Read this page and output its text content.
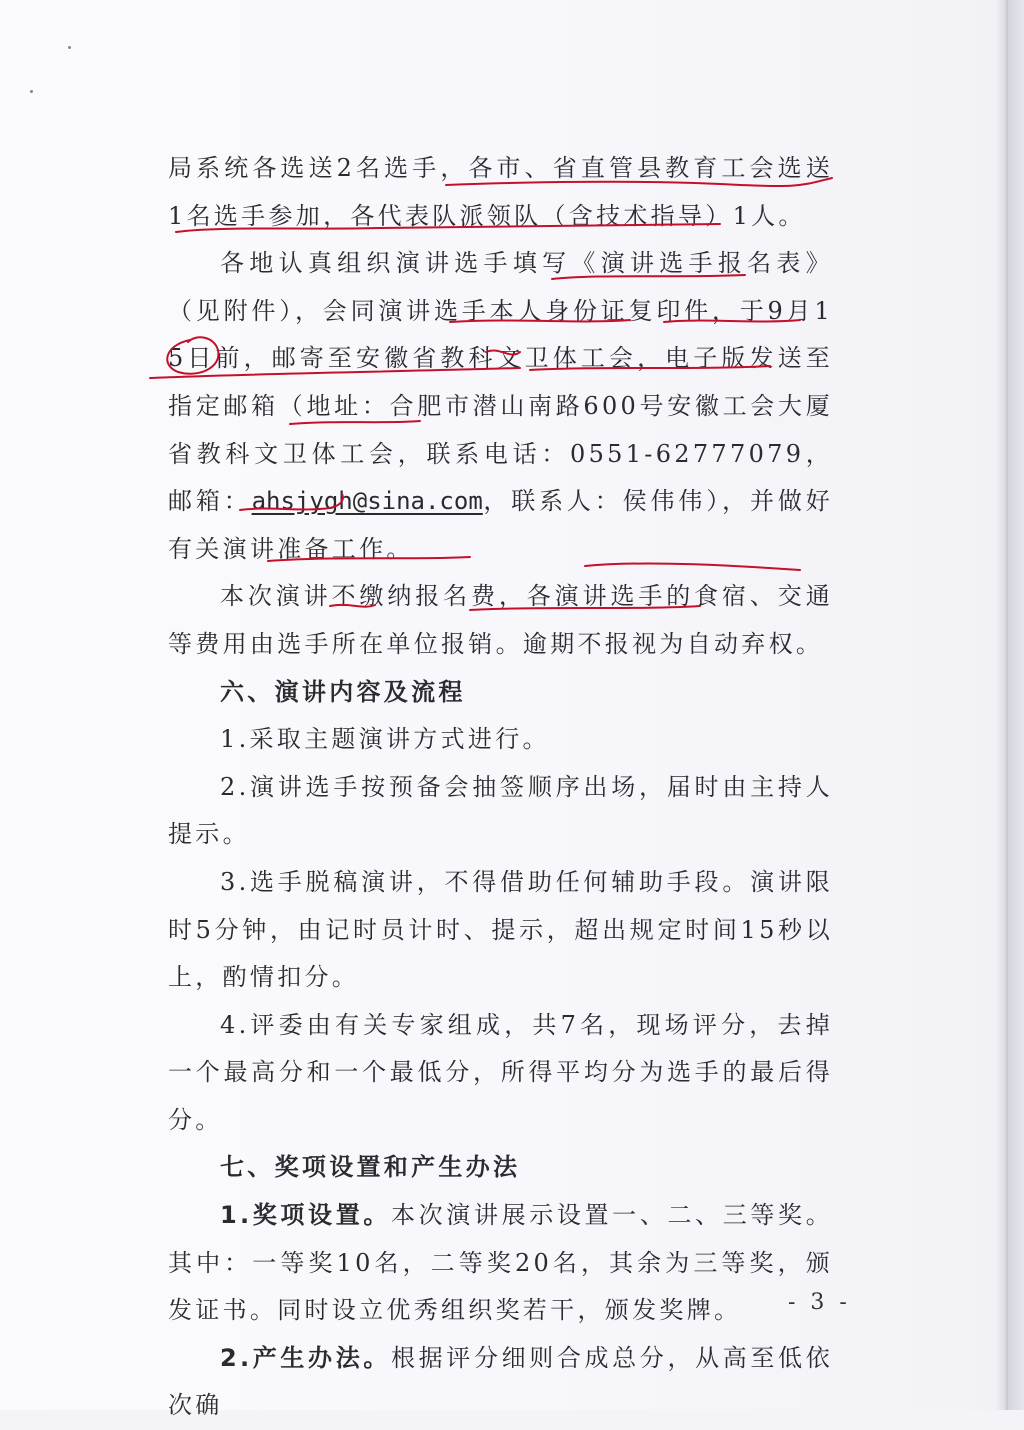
局系统各选送2名选手，各市、省直管县教育工会选送1名选手参加，各代表队派领队（含技术指导）1人。

各地认真组织演讲选手填写《演讲选手报名表》（见附件），会同演讲选手本人身份证复印件，于9月15日前，邮寄至安徽省教科文卫体工会，电子版发送至指定邮箱（地址：合肥市潜山南路600号安徽工会大厦省教科文卫体工会，联系电话：0551-62777079，邮箱：ahsjygh@sina.com，联系人：侯伟伟），并做好有关演讲准备工作。

本次演讲不缴纳报名费，各演讲选手的食宿、交通等费用由选手所在单位报销。逾期不报视为自动弃权。

六、演讲内容及流程

1.采取主题演讲方式进行。

2.演讲选手按预备会抽签顺序出场，届时由主持人提示。

3.选手脱稿演讲，不得借助任何辅助手段。演讲限时5分钟，由记时员计时、提示，超出规定时间15秒以上，酌情扣分。

4.评委由有关专家组成，共7名，现场评分，去掉一个最高分和一个最低分，所得平均分为选手的最后得分。

七、奖项设置和产生办法

1.奖项设置。本次演讲展示设置一、二、三等奖。其中：一等奖10名，二等奖20名，其余为三等奖，颁发证书。同时设立优秀组织奖若干，颁发奖牌。

2.产生办法。根据评分细则合成总分，从高至低依次确

- 3 -
